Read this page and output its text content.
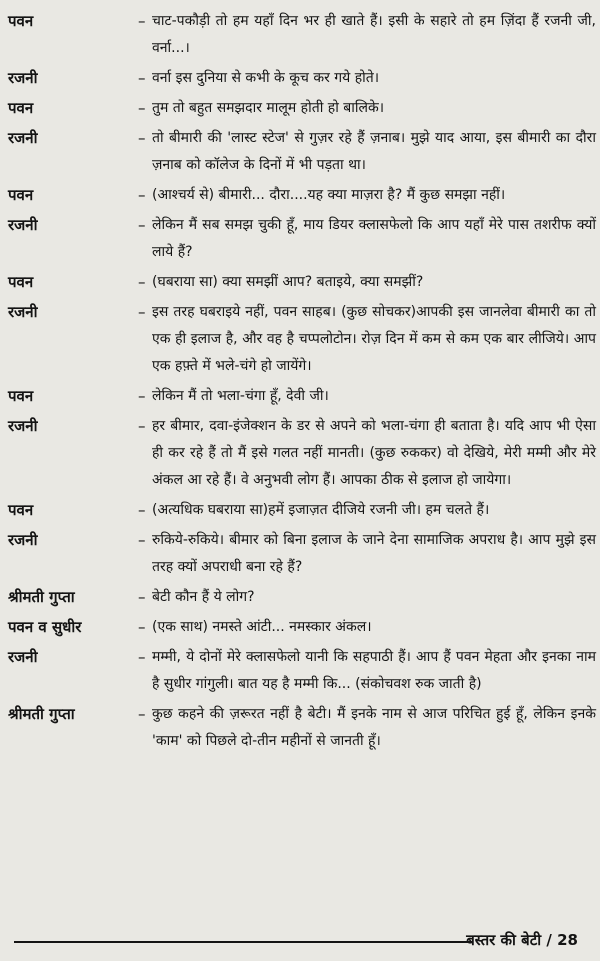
पवन	– चाट-पकौड़ी तो हम यहाँ दिन भर ही खाते हैं। इसी के सहारे तो हम ज़िंदा हैं रजनी जी, वर्ना...।
रजनी	– वर्ना इस दुनिया से कभी के कूच कर गये होते।
पवन	– तुम तो बहुत समझदार मालूम होती हो बालिके।
रजनी	– तो बीमारी की 'लास्ट स्टेज' से गुज़र रहे हैं ज़नाब। मुझे याद आया, इस बीमारी का दौरा ज़नाब को कॉलेज के दिनों में भी पड़ता था।
पवन	– (आश्चर्य से) बीमारी... दौरा....यह क्या माज़रा है? मैं कुछ समझा नहीं।
रजनी	– लेकिन मैं सब समझ चुकी हूँ, माय डियर क्लासफेलो कि आप यहाँ मेरे पास तशरीफ क्यों लाये हैं?
पवन	– (घबराया सा) क्या समझीं आप? बताइये, क्या समझीं?
रजनी	– इस तरह घबराइये नहीं, पवन साहब। (कुछ सोचकर)आपकी इस जानलेवा बीमारी का तो एक ही इलाज है, और वह है चप्पलोटोन। रोज़ दिन में कम से कम एक बार लीजिये। आप एक हफ़्ते में भले-चंगे हो जायेंगे।
पवन	– लेकिन मैं तो भला-चंगा हूँ, देवी जी।
रजनी	– हर बीमार, दवा-इंजेक्शन के डर से अपने को भला-चंगा ही बताता है। यदि आप भी ऐसा ही कर रहे हैं तो मैं इसे गलत नहीं मानती। (कुछ रुककर) वो देखिये, मेरी मम्मी और मेरे अंकल आ रहे हैं। वे अनुभवी लोग हैं। आपका ठीक से इलाज हो जायेगा।
पवन	– (अत्यधिक घबराया सा)हमें इजाज़त दीजिये रजनी जी। हम चलते हैं।
रजनी	– रुकिये-रुकिये। बीमार को बिना इलाज के जाने देना सामाजिक अपराध है। आप मुझे इस तरह क्यों अपराधी बना रहे हैं?
श्रीमती गुप्ता	– बेटी कौन हैं ये लोग?
पवन व सुधीर	– (एक साथ) नमस्ते आंटी... नमस्कार अंकल।
रजनी	– मम्मी, ये दोनों मेरे क्लासफेलो यानी कि सहपाठी हैं। आप हैं पवन मेहता और इनका नाम है सुधीर गांगुली। बात यह है मम्मी कि... (संकोचवश रुक जाती है)
श्रीमती गुप्ता	– कुछ कहने की ज़रूरत नहीं है बेटी। मैं इनके नाम से आज परिचित हुई हूँ, लेकिन इनके 'काम' को पिछले दो-तीन महीनों से जानती हूँ।
बस्तर की बेटी / 28
